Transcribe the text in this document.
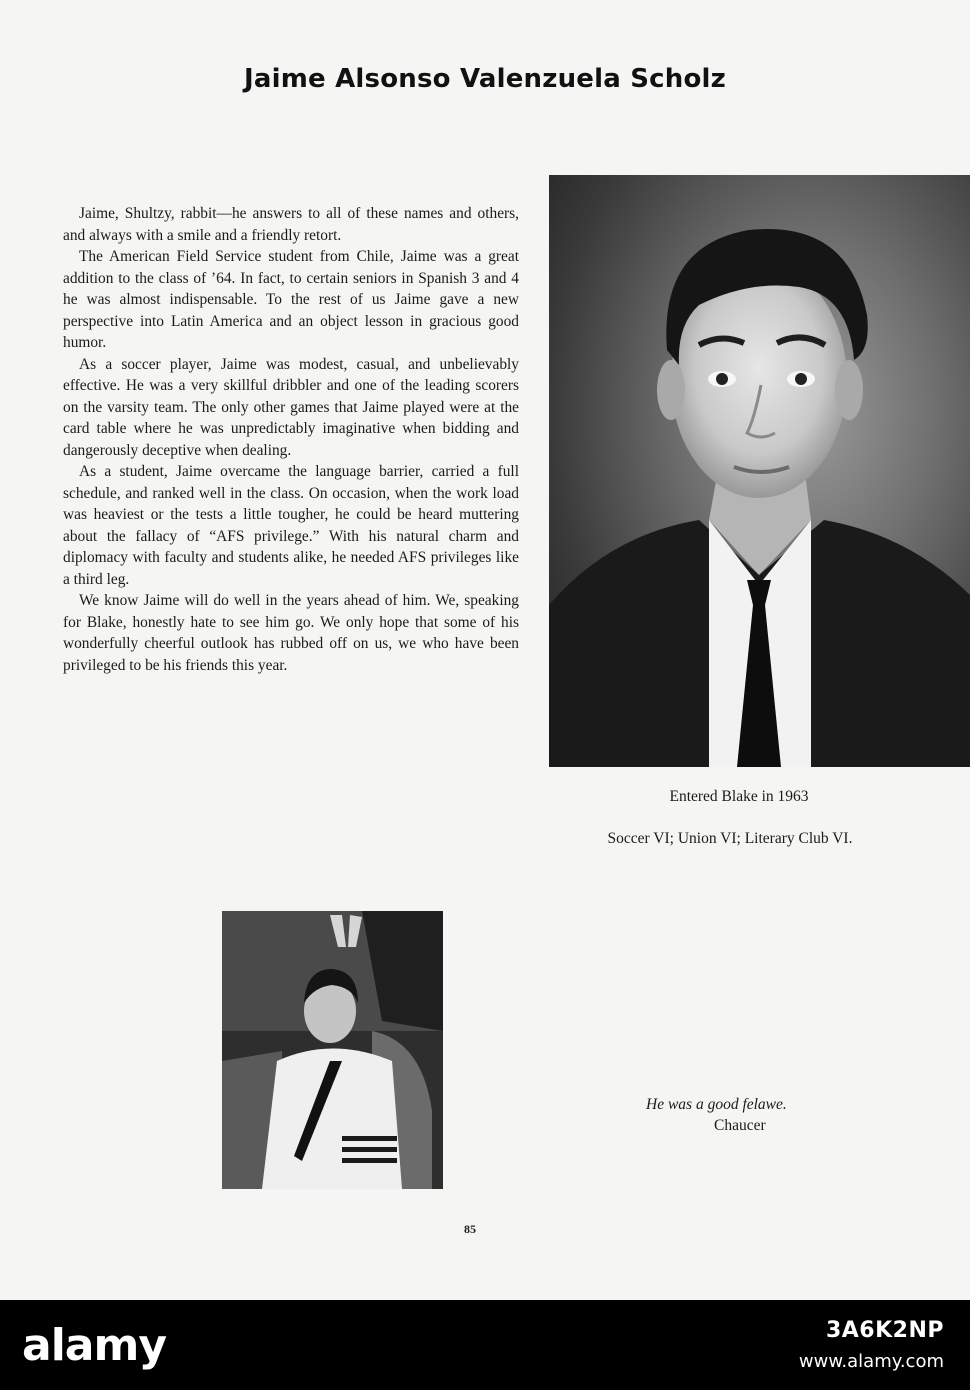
Jaime Alsonso Valenzuela Scholz

Jaime, Shultzy, rabbit—he answers to all of these names and others, and always with a smile and a friendly retort.

The American Field Service student from Chile, Jaime was a great addition to the class of ’64. In fact, to certain seniors in Spanish 3 and 4 he was almost indispensable. To the rest of us Jaime gave a new perspective into Latin America and an object lesson in gracious good humor.

As a soccer player, Jaime was modest, casual, and unbelievably effective. He was a very skillful dribbler and one of the leading scorers on the varsity team. The only other games that Jaime played were at the card table where he was unpredictably imaginative when bidding and dangerously deceptive when dealing.

As a student, Jaime overcame the language barrier, carried a full schedule, and ranked well in the class. On occasion, when the work load was heaviest or the tests a little tougher, he could be heard muttering about the fallacy of “AFS privilege.” With his natural charm and diplomacy with faculty and students alike, he needed AFS privileges like a third leg.

We know Jaime will do well in the years ahead of him. We, speaking for Blake, honestly hate to see him go. We only hope that some of his wonderfully cheerful outlook has rubbed off on us, we who have been privileged to be his friends this year.

Entered Blake in 1963

Soccer VI; Union VI; Literary Club VI.

He was a good felawe.
Chaucer
85
alamy	3A6K2NP
www.alamy.com
